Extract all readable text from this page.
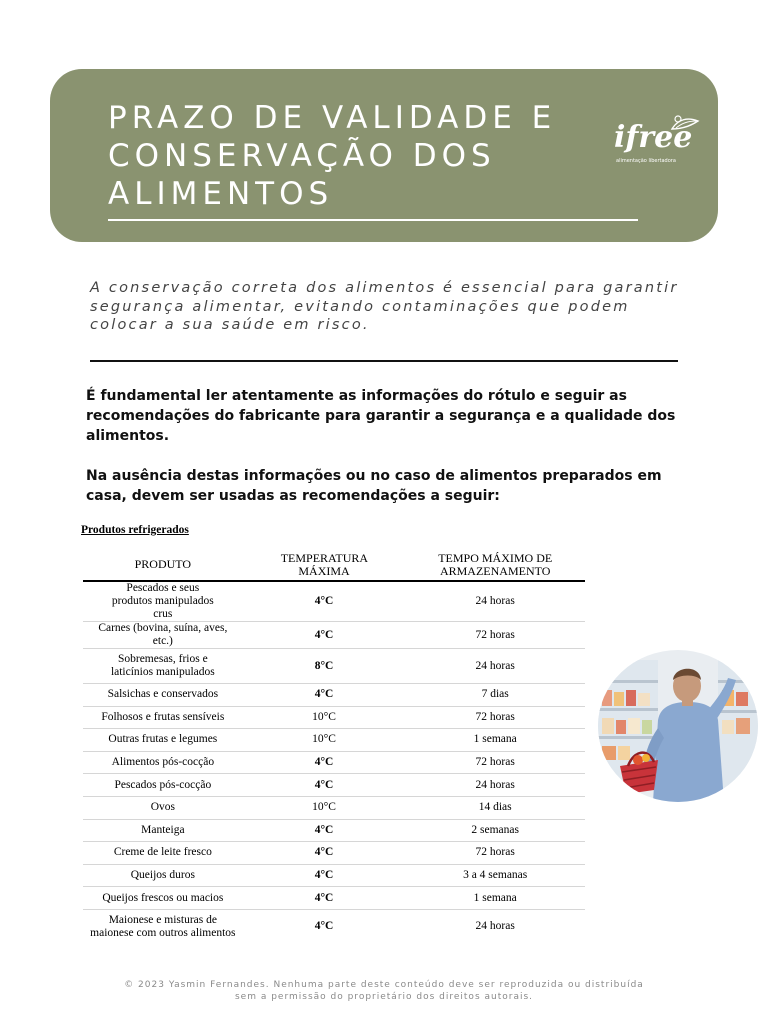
PRAZO DE VALIDADE E
CONSERVAÇÃO DOS
ALIMENTOS
ifree
alimentação libertadora

A conservação correta dos alimentos é essencial para garantir segurança alimentar, evitando contaminações que podem colocar a sua saúde em risco.

É fundamental ler atentamente as informações do rótulo e seguir as recomendações do fabricante para garantir a segurança e a qualidade dos alimentos.

Na ausência destas informações ou no caso de alimentos preparados em casa, devem ser usadas as recomendações a seguir:

Produtos refrigerados

PRODUTO	TEMPERATURA MÁXIMA	TEMPO MÁXIMO DE ARMAZENAMENTO
Pescados e seus produtos manipulados crus	4°C	24 horas
Carnes (bovina, suína, aves, etc.)	4°C	72 horas
Sobremesas, frios e laticínios manipulados	8°C	24 horas
Salsichas e conservados	4°C	7 dias
Folhosos e frutas sensíveis	10°C	72 horas
Outras frutas e legumes	10°C	1 semana
Alimentos pós-cocção	4°C	72 horas
Pescados pós-cocção	4°C	24 horas
Ovos	10°C	14 dias
Manteiga	4°C	2 semanas
Creme de leite fresco	4°C	72 horas
Queijos duros	4°C	3 a 4 semanas
Queijos frescos ou macios	4°C	1 semana
Maionese e misturas de maionese com outros alimentos	4°C	24 horas

© 2023 Yasmin Fernandes. Nenhuma parte deste conteúdo deve ser reproduzida ou distribuída
sem a permissão do proprietário dos direitos autorais.
